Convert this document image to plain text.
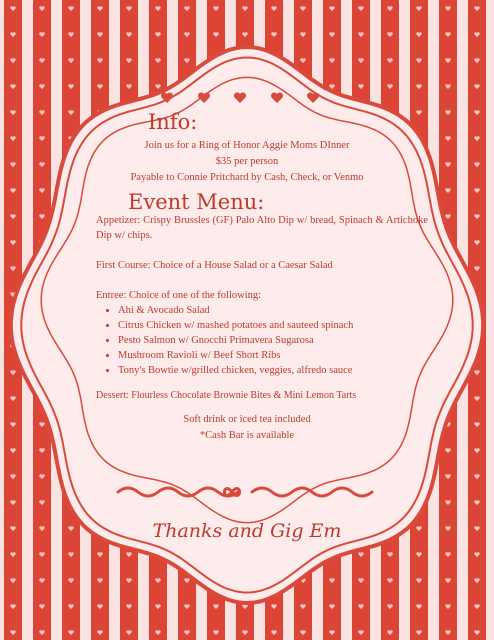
Info:
Join us for a Ring of Honor Aggie Moms DInner
$35 per person
Payable to Connie Pritchard by Cash, Check, or Venmo
Event Menu:
Appetizer: Crispy Brussles (GF) Palo Alto Dip w/ bread, Spinach & Artichoke Dip w/ chips.
First Course: Choice of a House Salad or a Caesar Salad
Entree: Choice of one of the following:
• Ahi & Avocado Salad
• Citrus Chicken w/ mashed potatoes and sauteed spinach
• Pesto Salmon w/ Gnocchi Primavera Sugarosa
• Mushroom Ravioli w/ Beef Short Ribs
• Tony's Bowtie w/grilled chicken, veggies, alfredo sauce
Dessert: Flourless Chocolate Brownie Bites & Mini Lemon Tarts
Soft drink or iced tea included
*Cash Bar is available
Thanks and Gig Em
